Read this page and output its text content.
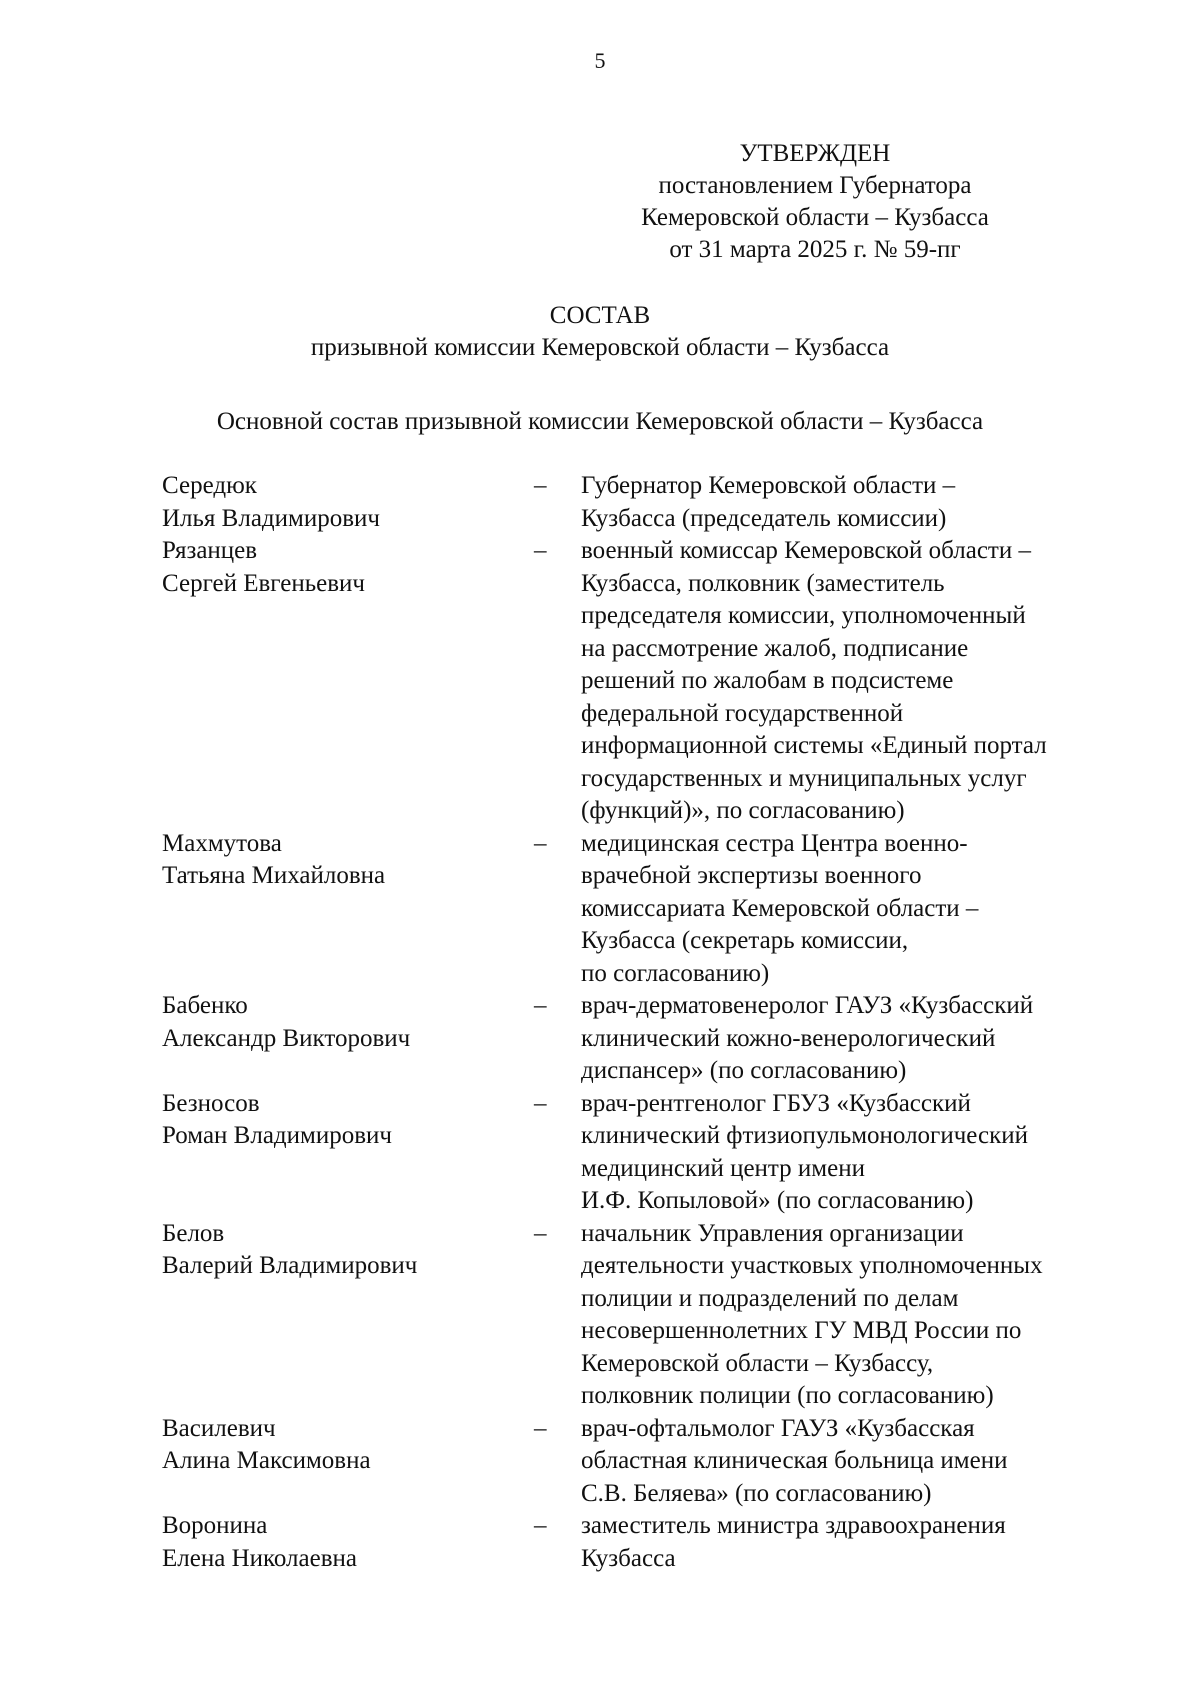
5
УТВЕРЖДЕН
постановлением Губернатора
Кемеровской области – Кузбасса
от 31 марта 2025 г. № 59-пг
СОСТАВ
призывной комиссии Кемеровской области – Кузбасса
Основной состав призывной комиссии Кемеровской области – Кузбасса
Середюк
Илья Владимирович
–	Губернатор Кемеровской области –
Кузбасса (председатель комиссии)
Рязанцев
Сергей Евгеньевич
–	военный комиссар Кемеровской области –
Кузбасса, полковник (заместитель
председателя комиссии, уполномоченный
на рассмотрение жалоб, подписание
решений по жалобам в подсистеме
федеральной государственной
информационной системы «Единый портал
государственных и муниципальных услуг
(функций)», по согласованию)
Махмутова
Татьяна Михайловна
–	медицинская сестра Центра военно-
врачебной экспертизы военного
комиссариата Кемеровской области –
Кузбасса (секретарь комиссии,
по согласованию)
Бабенко
Александр Викторович
–	врач-дерматовенеролог ГАУЗ «Кузбасский
клинический кожно-венерологический
диспансер» (по согласованию)
Безносов
Роман Владимирович
–	врач-рентгенолог ГБУЗ «Кузбасский
клинический фтизиопульмонологический
медицинский центр имени
И.Ф. Копыловой» (по согласованию)
Белов
Валерий Владимирович
–	начальник Управления организации
деятельности участковых уполномоченных
полиции и подразделений по делам
несовершеннолетних ГУ МВД России по
Кемеровской области – Кузбассу,
полковник полиции (по согласованию)
Василевич
Алина Максимовна
–	врач-офтальмолог ГАУЗ «Кузбасская
областная клиническая больница имени
С.В. Беляева» (по согласованию)
Воронина
Елена Николаевна
–	заместитель министра здравоохранения
Кузбасса
